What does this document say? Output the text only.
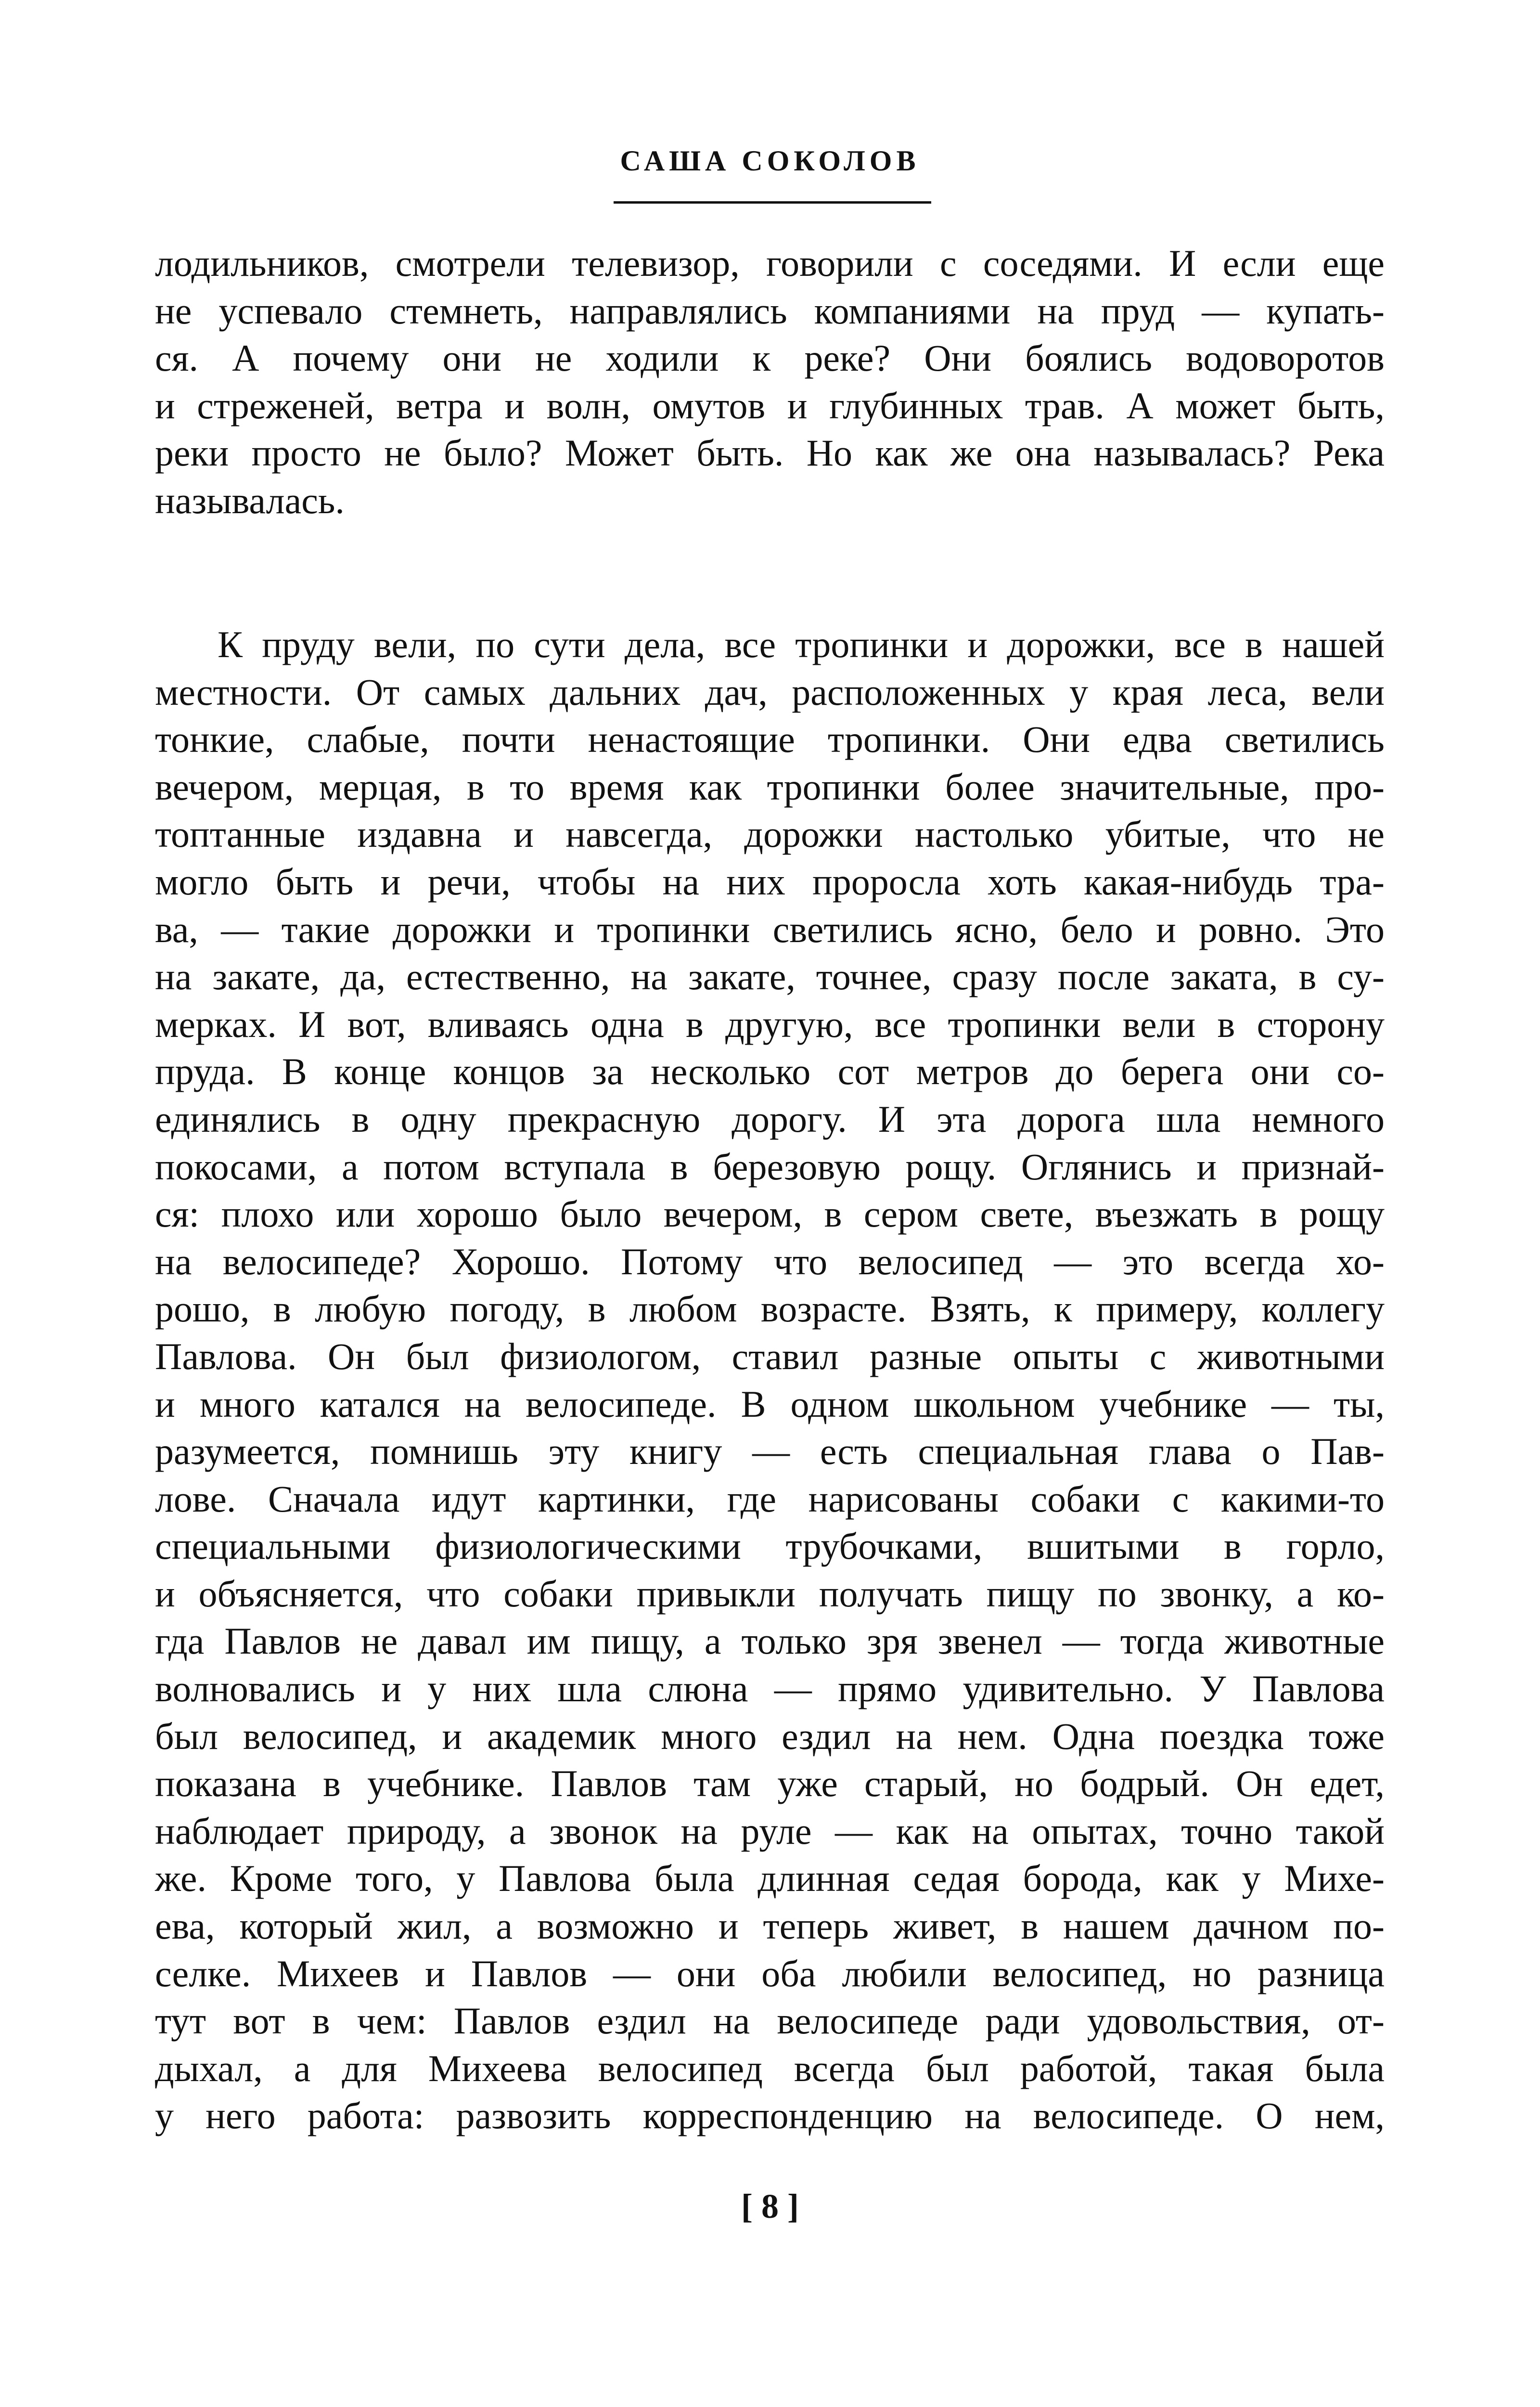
САША СОКОЛОВ
лодильников, смотрели телевизор, говорили с соседями. И если еще
не успевало стемнеть, направлялись компаниями на пруд — купать-
ся. А почему они не ходили к реке? Они боялись водоворотов
и стреженей, ветра и волн, омутов и глубинных трав. А может быть,
реки просто не было? Может быть. Но как же она называлась? Река
называлась.
К пруду вели, по сути дела, все тропинки и дорожки, все в нашей
местности. От самых дальних дач, расположенных у края леса, вели
тонкие, слабые, почти ненастоящие тропинки. Они едва светились
вечером, мерцая, в то время как тропинки более значительные, про-
топтанные издавна и навсегда, дорожки настолько убитые, что не
могло быть и речи, чтобы на них проросла хоть какая-нибудь тра-
ва, — такие дорожки и тропинки светились ясно, бело и ровно. Это
на закате, да, естественно, на закате, точнее, сразу после заката, в су-
мерках. И вот, вливаясь одна в другую, все тропинки вели в сторону
пруда. В конце концов за несколько сот метров до берега они со-
единялись в одну прекрасную дорогу. И эта дорога шла немного
покосами, а потом вступала в березовую рощу. Оглянись и признай-
ся: плохо или хорошо было вечером, в сером свете, въезжать в рощу
на велосипеде? Хорошо. Потому что велосипед — это всегда хо-
рошо, в любую погоду, в любом возрасте. Взять, к примеру, коллегу
Павлова. Он был физиологом, ставил разные опыты с животными
и много катался на велосипеде. В одном школьном учебнике — ты,
разумеется, помнишь эту книгу — есть специальная глава о Пав-
лове. Сначала идут картинки, где нарисованы собаки с какими-то
специальными физиологическими трубочками, вшитыми в горло,
и объясняется, что собаки привыкли получать пищу по звонку, а ко-
гда Павлов не давал им пищу, а только зря звенел — тогда животные
волновались и у них шла слюна — прямо удивительно. У Павлова
был велосипед, и академик много ездил на нем. Одна поездка тоже
показана в учебнике. Павлов там уже старый, но бодрый. Он едет,
наблюдает природу, а звонок на руле — как на опытах, точно такой
же. Кроме того, у Павлова была длинная седая борода, как у Михе-
ева, который жил, а возможно и теперь живет, в нашем дачном по-
селке. Михеев и Павлов — они оба любили велосипед, но разница
тут вот в чем: Павлов ездил на велосипеде ради удовольствия, от-
дыхал, а для Михеева велосипед всегда был работой, такая была
у него работа: развозить корреспонденцию на велосипеде. О нем,
[ 8 ]
